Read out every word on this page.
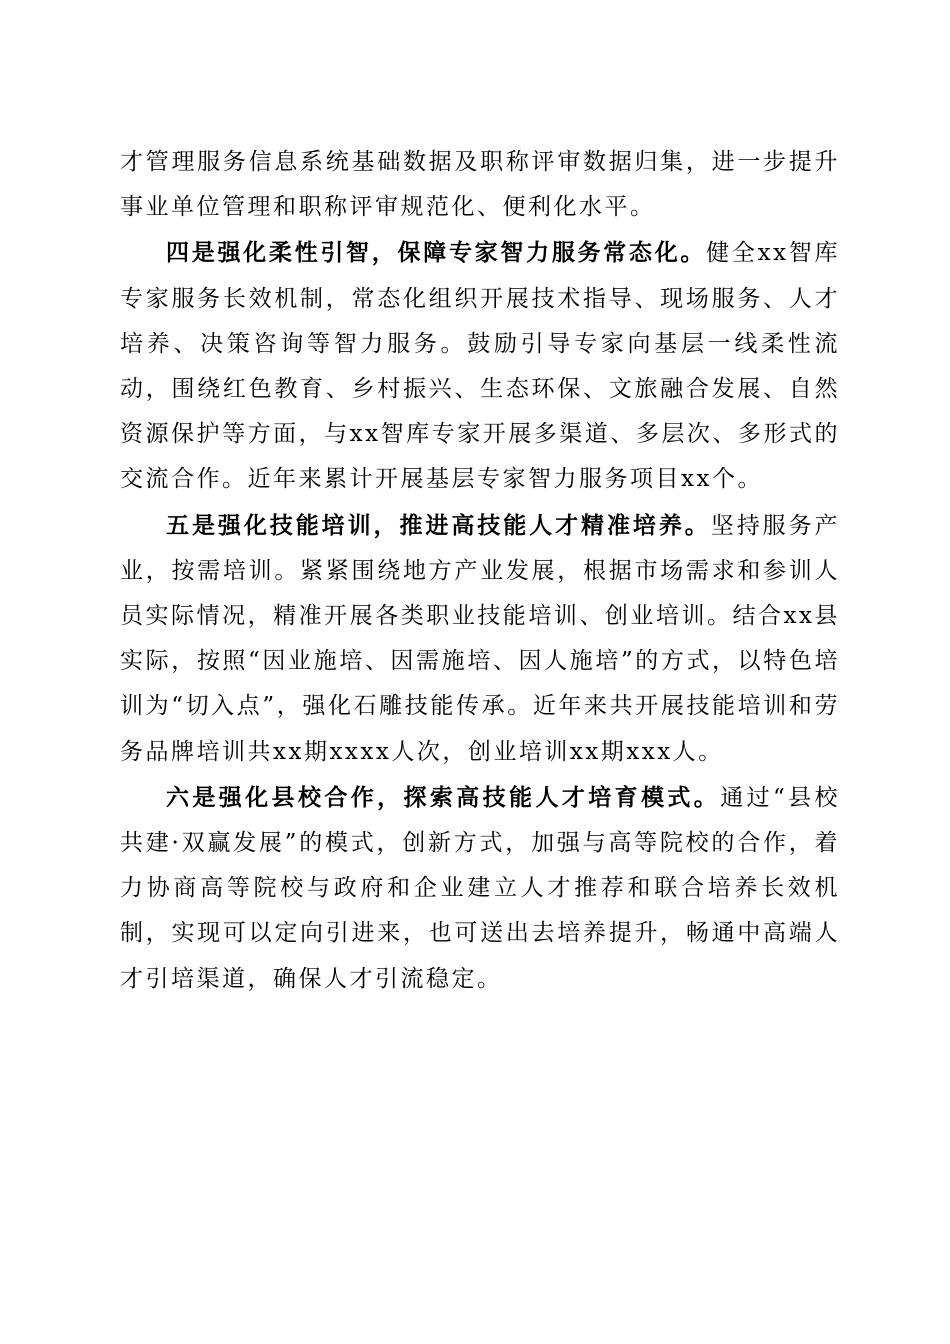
才管理服务信息系统基础数据及职称评审数据归集，进一步提升事业单位管理和职称评审规范化、便利化水平。

四是强化柔性引智，保障专家智力服务常态化。健全xx智库专家服务长效机制，常态化组织开展技术指导、现场服务、人才培养、决策咨询等智力服务。鼓励引导专家向基层一线柔性流动，围绕红色教育、乡村振兴、生态环保、文旅融合发展、自然资源保护等方面，与xx智库专家开展多渠道、多层次、多形式的交流合作。近年来累计开展基层专家智力服务项目xx个。

五是强化技能培训，推进高技能人才精准培养。坚持服务产业，按需培训。紧紧围绕地方产业发展，根据市场需求和参训人员实际情况，精准开展各类职业技能培训、创业培训。结合xx县实际，按照“因业施培、因需施培、因人施培”的方式，以特色培训为“切入点”，强化石雕技能传承。近年来共开展技能培训和劳务品牌培训共xx期xxxx人次，创业培训xx期xxx人。

六是强化县校合作，探索高技能人才培育模式。通过“县校共建·双赢发展”的模式，创新方式，加强与高等院校的合作，着力协商高等院校与政府和企业建立人才推荐和联合培养长效机制，实现可以定向引进来，也可送出去培养提升，畅通中高端人才引培渠道，确保人才引流稳定。
